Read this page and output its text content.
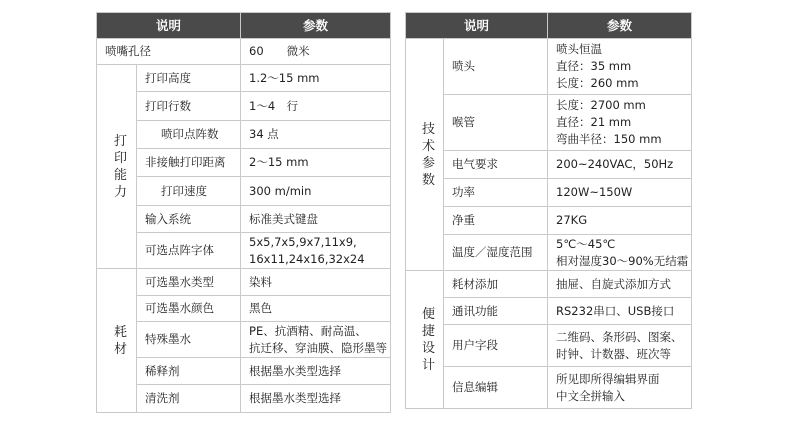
说明		参数
喷嘴孔径		60　　微米

打
印
能
力	打印高度	1.2～15 mm
	打印行数	1～4　行
	喷印点阵数	34 点
	非接触打印距离	2～15 mm
	打印速度	300 m/min
	输入系统	标准美式键盘
	可选点阵字体	5x5,7x5,9x7,11x9,
16x11,24x16,32x24

耗
材	可选墨水类型	染料
	可选墨水颜色	黑色
	特殊墨水	PE、抗酒精、耐高温、
抗迁移、穿油膜、隐形墨等

	稀释剂	根据墨水类型选择
	清洗剂	根据墨水类型选择
说明		参数

技
术
参
数	喷头	喷头恒温
直径：35 mm
长度：260 mm

	喉管	长度：2700 mm
直径：21 mm
弯曲半径：150 mm

	电气要求	200~240VAC，50Hz
	功率	120W~150W
	净重	27KG
	温度／湿度范围	5℃～45℃
相对湿度30～90%无结霜

便
捷
设
计	耗材添加	抽屉、自旋式添加方式
	通讯功能	RS232串口、USB接口
	用户字段	二维码、条形码、图案、
时钟、计数器、班次等

	信息编辑	所见即所得编辑界面
中文全拼输入
